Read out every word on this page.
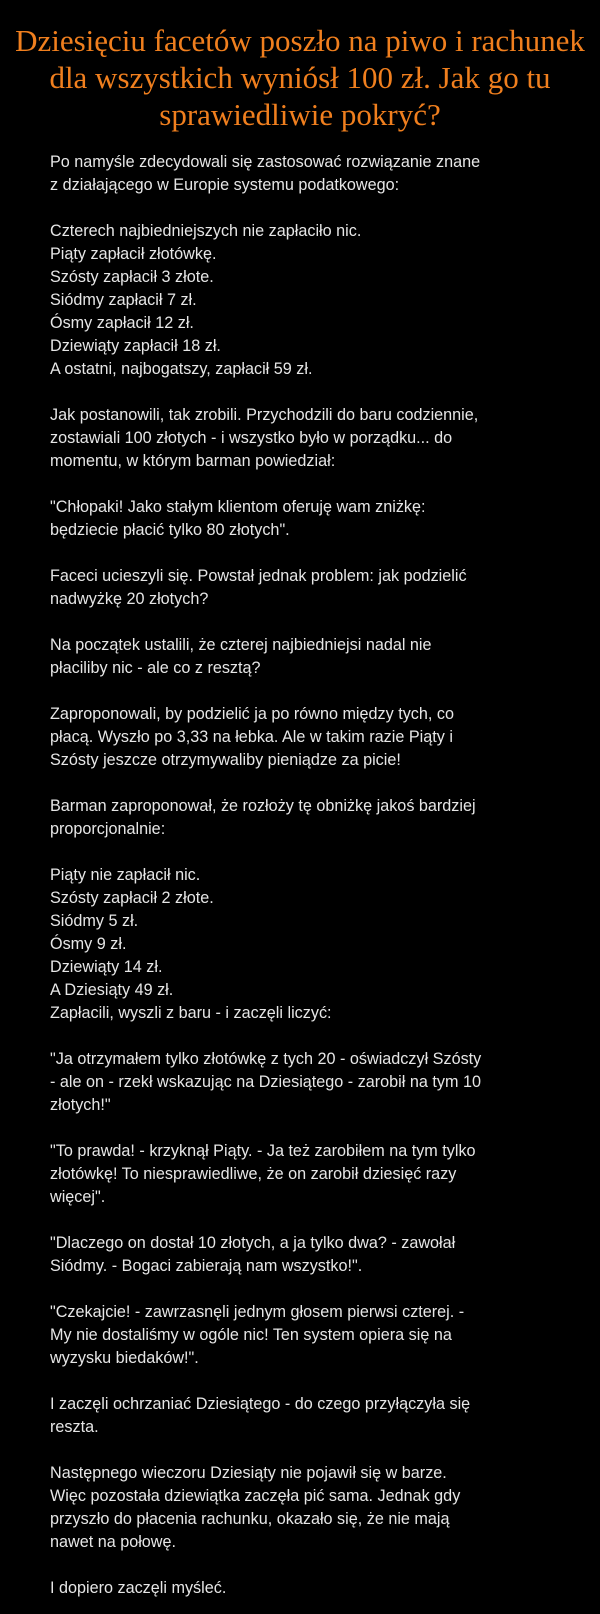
Dziesięciu facetów poszło na piwo i rachunek dla wszystkich wyniósł 100 zł. Jak go tu sprawiedliwie pokryć?

Po namyśle zdecydowali się zastosować rozwiązanie znane
z działającego w Europie systemu podatkowego:

Czterech najbiedniejszych nie zapłaciło nic.
Piąty zapłacił złotówkę.
Szósty zapłacił 3 złote.
Siódmy zapłacił 7 zł.
Ósmy zapłacił 12 zł.
Dziewiąty zapłacił 18 zł.
A ostatni, najbogatszy, zapłacił 59 zł.

Jak postanowili, tak zrobili. Przychodzili do baru codziennie,
zostawiali 100 złotych - i wszystko było w porządku... do
momentu, w którym barman powiedział:

"Chłopaki! Jako stałym klientom oferuję wam zniżkę:
będziecie płacić tylko 80 złotych".

Faceci ucieszyli się. Powstał jednak problem: jak podzielić
nadwyżkę 20 złotych?

Na początek ustalili, że czterej najbiedniejsi nadal nie
płaciliby nic - ale co z resztą?

Zaproponowali, by podzielić ja po równo między tych, co
płacą. Wyszło po 3,33 na łebka. Ale w takim razie Piąty i
Szósty jeszcze otrzymywaliby pieniądze za picie!

Barman zaproponował, że rozłoży tę obniżkę jakoś bardziej
proporcjonalnie:

Piąty nie zapłacił nic.
Szósty zapłacił 2 złote.
Siódmy 5 zł.
Ósmy 9 zł.
Dziewiąty 14 zł.
A Dziesiąty 49 zł.
Zapłacili, wyszli z baru - i zaczęli liczyć:

"Ja otrzymałem tylko złotówkę z tych 20 - oświadczył Szósty
- ale on - rzekł wskazując na Dziesiątego - zarobił na tym 10
złotych!"

"To prawda! - krzyknął Piąty. - Ja też zarobiłem na tym tylko
złotówkę! To niesprawiedliwe, że on zarobił dziesięć razy
więcej".

"Dlaczego on dostał 10 złotych, a ja tylko dwa? - zawołał
Siódmy. - Bogaci zabierają nam wszystko!".

"Czekajcie! - zawrzasnęli jednym głosem pierwsi czterej. -
My nie dostaliśmy w ogóle nic! Ten system opiera się na
wyzysku biedaków!".

I zaczęli ochrzaniać Dziesiątego - do czego przyłączyła się
reszta.

Następnego wieczoru Dziesiąty nie pojawił się w barze.
Więc pozostała dziewiątka zaczęła pić sama. Jednak gdy
przyszło do płacenia rachunku, okazało się, że nie mają
nawet na połowę.

I dopiero zaczęli myśleć.
